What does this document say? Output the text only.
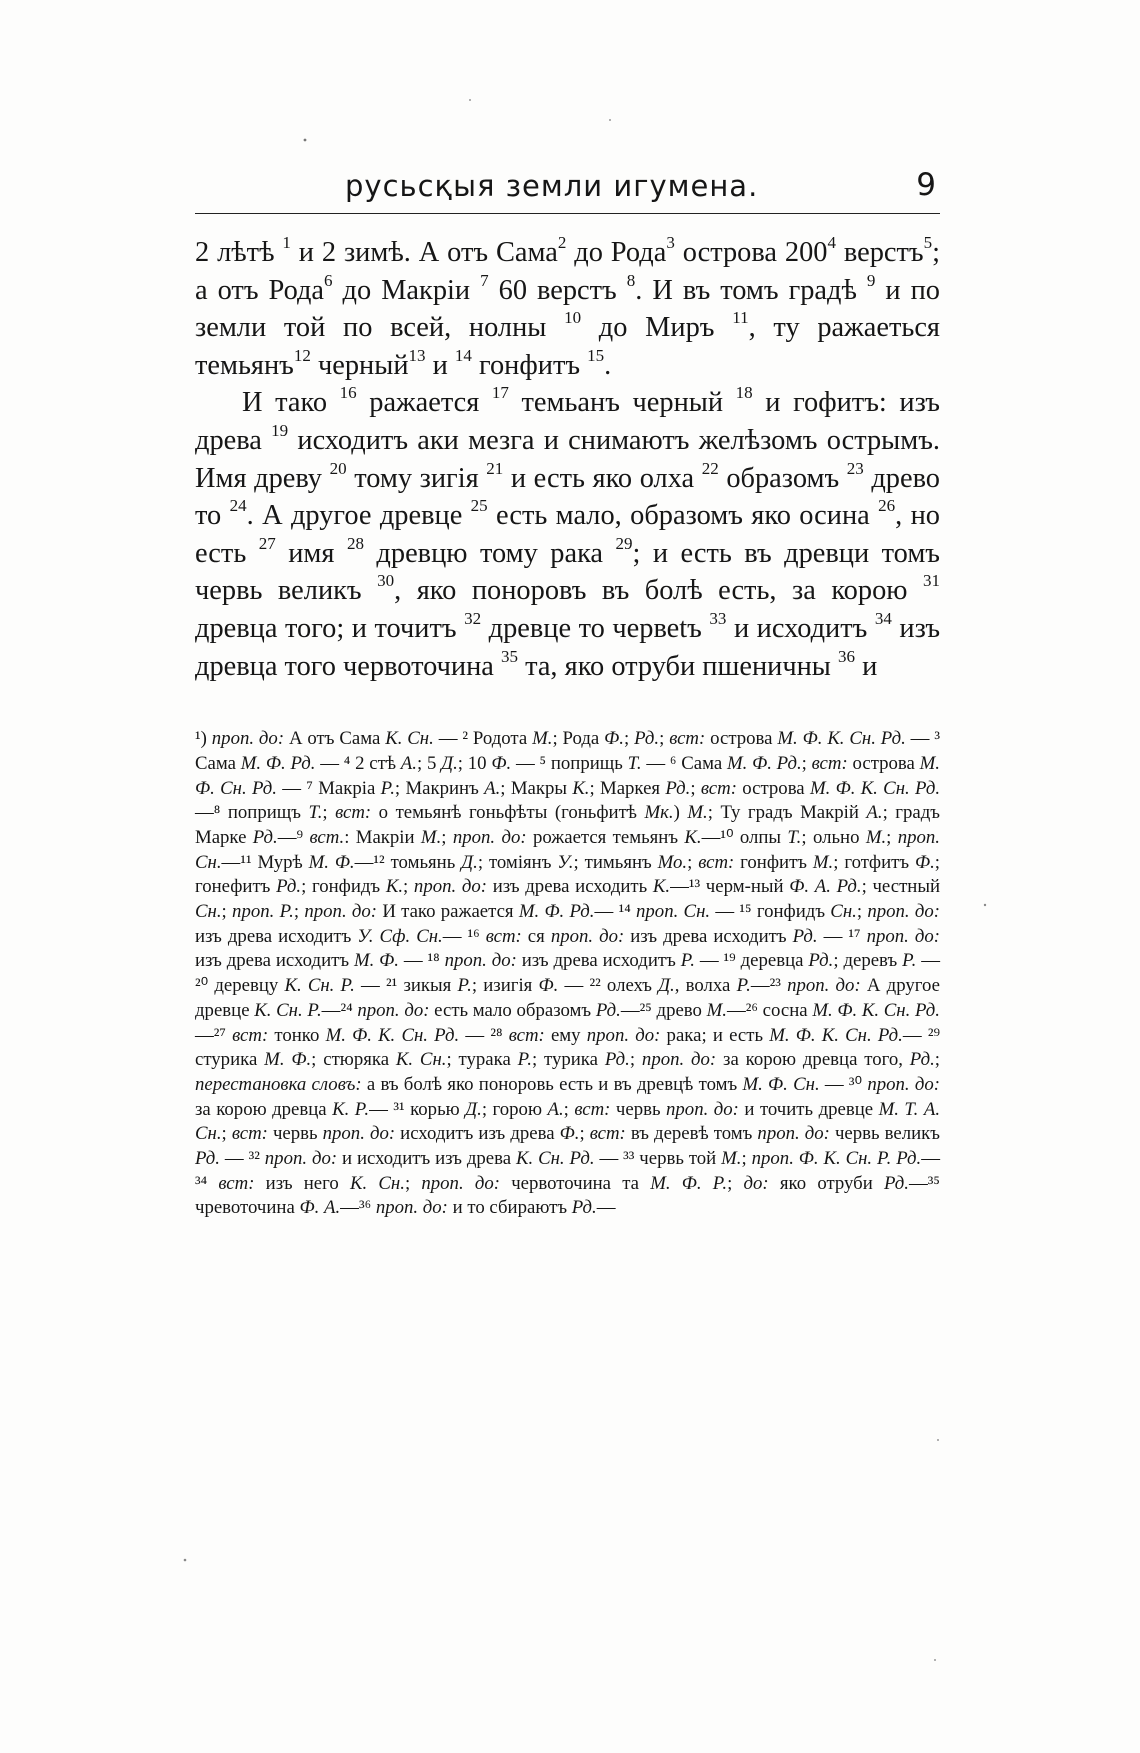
русьсқыя земли игумена.	9

2 лѣтѣ $^1$ и 2 зимѣ. А отъ Сама$^2$ до Рода$^3$ острова $200^4$ верстъ$^5$; а отъ Рода$^6$ до Макріи $^7$ 60 верстъ $^8$. И въ томъ градѣ $^9$ и по земли той по всей, нолны $^{10}$ до Миръ $^{11}$, ту ражаеться темьянъ$^{12}$ черный$^{13}$ и $^{14}$ гонфитъ $^{15}$.

И тако $^{16}$ ражается $^{17}$ темьанъ черный $^{18}$ и гофитъ: изъ древа $^{19}$ исходитъ аки мезга и снимаютъ желѣзомъ острымъ. Имя древу $^{20}$ тому зигія $^{21}$ и есть яко олха $^{22}$ образомъ $^{23}$ древо то $^{24}$. А другое древце $^{25}$ есть мало, образомъ яко осина $^{26}$, но есть $^{27}$ имя $^{28}$ древцю тому рака $^{29}$; и есть въ древци томъ червь великъ $^{30}$, яко поноровъ въ болѣ есть, за корою $^{31}$ древца того; и точитъ $^{32}$ древце то червеtъ $^{33}$ и исходитъ $^{34}$ изъ древца того червоточина $^{35}$ та, яко отруби пшеничны $^{36}$ и

¹) проп. до: А отъ Сама К. Сн. — ² Родота М.; Рода Ф.; Рд.; вст: острова М. Ф. К. Сн. Рд. — ³ Сама М. Ф. Рд. — ⁴ 2 стѣ А.; 5 Д.; 10 Ф. — ⁵ поприщь Т. — ⁶ Сама М. Ф. Рд.; вст: острова М. Ф. Сн. Рд. — ⁷ Макріа Р.; Макринъ А.; Макры К.; Маркея Рд.; вст: острова М. Ф. К. Сн. Рд.—⁸ поприщъ Т.; вст: о темьянѣ гоньфѣты (гоньфитѣ Мк.) М.; Ту градъ Макрій А.; градъ Марке Рд.—⁹ вст.: Макріи М.; проп. до: рожается темьянъ К.—¹⁰ олпы Т.; ольно М.; проп. Сн.—¹¹ Мурѣ М. Ф.—¹² томьянь Д.; томіянъ У.; тимьянъ Мо.; вст: гонфитъ М.; готфитъ Ф.; гонефитъ Рд.; гонфидъ К.; проп. до: изъ древа исходить К.—¹³ черм-ный Ф. А. Рд.; честный Сн.; проп. Р.; проп. до: И тако ражается М. Ф. Рд.— ¹⁴ проп. Сн. — ¹⁵ гонфидъ Сн.; проп. до: изъ древа исходитъ У. Сф. Сн.— ¹⁶ вст: ся проп. до: изъ древа исходитъ Рд. — ¹⁷ проп. до: изъ древа исходитъ М. Ф. — ¹⁸ проп. до: изъ древа исходитъ Р. — ¹⁹ деревца Рд.; деревъ Р. — ²⁰ деревцу К. Сн. Р. — ²¹ зикыя Р.; изигія Ф. — ²² олехъ Д., волха Р.—²³ проп. до: А другое древце К. Сн. Р.—²⁴ проп. до: есть мало образомъ Рд.—²⁵ древо М.—²⁶ сосна М. Ф. К. Сн. Рд.—²⁷ вст: тонко М. Ф. К. Сн. Рд. — ²⁸ вст: ему проп. до: рака; и есть М. Ф. К. Сн. Рд.— ²⁹ стурика М. Ф.; стюряка К. Сн.; турака Р.; турика Рд.; проп. до: за корою древца того, Рд.; перестановка словъ: а въ болѣ яко поноровь есть и въ древцѣ томъ М. Ф. Сн. — ³⁰ проп. до: за корою древца К. Р.— ³¹ корью Д.; горою А.; вст: червь проп. до: и точить древце М. Т. А. Сн.; вст: червь проп. до: исходитъ изъ древа Ф.; вст: въ деревѣ томъ проп. до: червь великъ Рд. — ³² проп. до: и исходитъ изъ древа К. Сн. Рд. — ³³ червь той М.; проп. Ф. К. Сн. Р. Рд.—³⁴ вст: изъ него К. Сн.; проп. до: червоточина та М. Ф. Р.; до: яко отруби Рд.—³⁵ чревоточина Ф. А.—³⁶ проп. до: и то сбираютъ Рд.—
